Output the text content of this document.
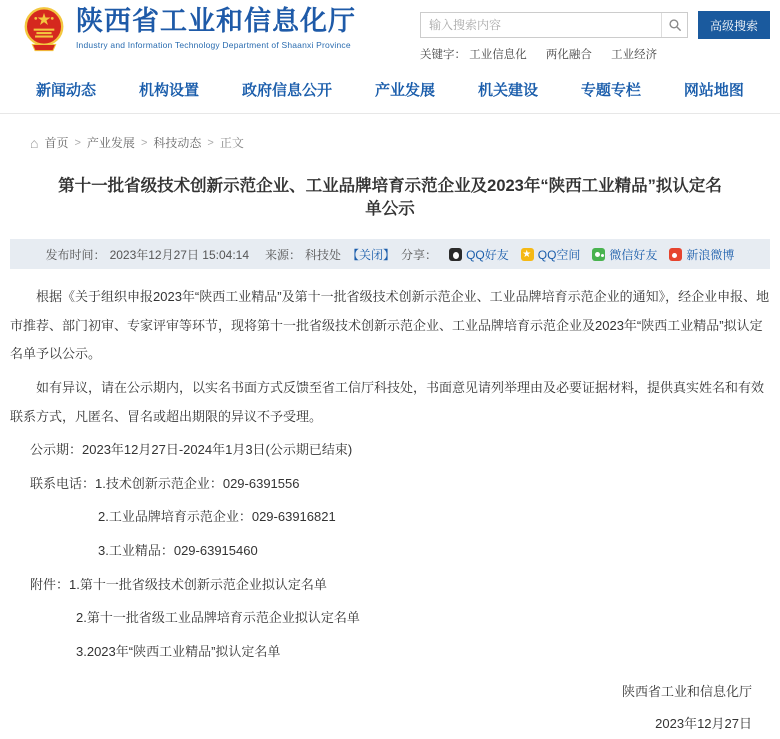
陕西省工业和信息化厅
Industry and Information Technology Department of Shaanxi Province
输入搜索内容
高级搜索
关键字： 工业信息化 两化融合 工业经济
新闻动态	机构设置	政府信息公开	产业发展	机关建设	专题专栏	网站地图
⌂ 首页 > 产业发展 > 科技动态 > 正文
第十一批省级技术创新示范企业、工业品牌培育示范企业及2023年“陕西工业精品”拟认定名单公示
发布时间： 2023年12月27日 15:04:14 来源： 科技处 【关闭】 分享： QQ好友 ★ QQ空间 微信好友 新浪微博

根据《关于组织申报2023年“陕西工业精品”及第十一批省级技术创新示范企业、工业品牌培育示范企业的通知》，经企业申报、地市推荐、部门初审、专家评审等环节，现将第十一批省级技术创新示范企业、工业品牌培育示范企业及2023年“陕西工业精品”拟认定名单予以公示。

如有异议，请在公示期内，以实名书面方式反馈至省工信厅科技处，书面意见请列举理由及必要证据材料，提供真实姓名和有效联系方式，凡匿名、冒名或超出期限的异议不予受理。

公示期：2023年12月27日-2024年1月3日(公示期已结束)

联系电话：1.技术创新示范企业：029-6391556

2.工业品牌培育示范企业：029-63916821

3.工业精品：029-63915460

附件：1.第十一批省级技术创新示范企业拟认定名单

2.第十一批省级工业品牌培育示范企业拟认定名单

3.2023年“陕西工业精品”拟认定名单

陕西省工业和信息化厅
2023年12月27日
